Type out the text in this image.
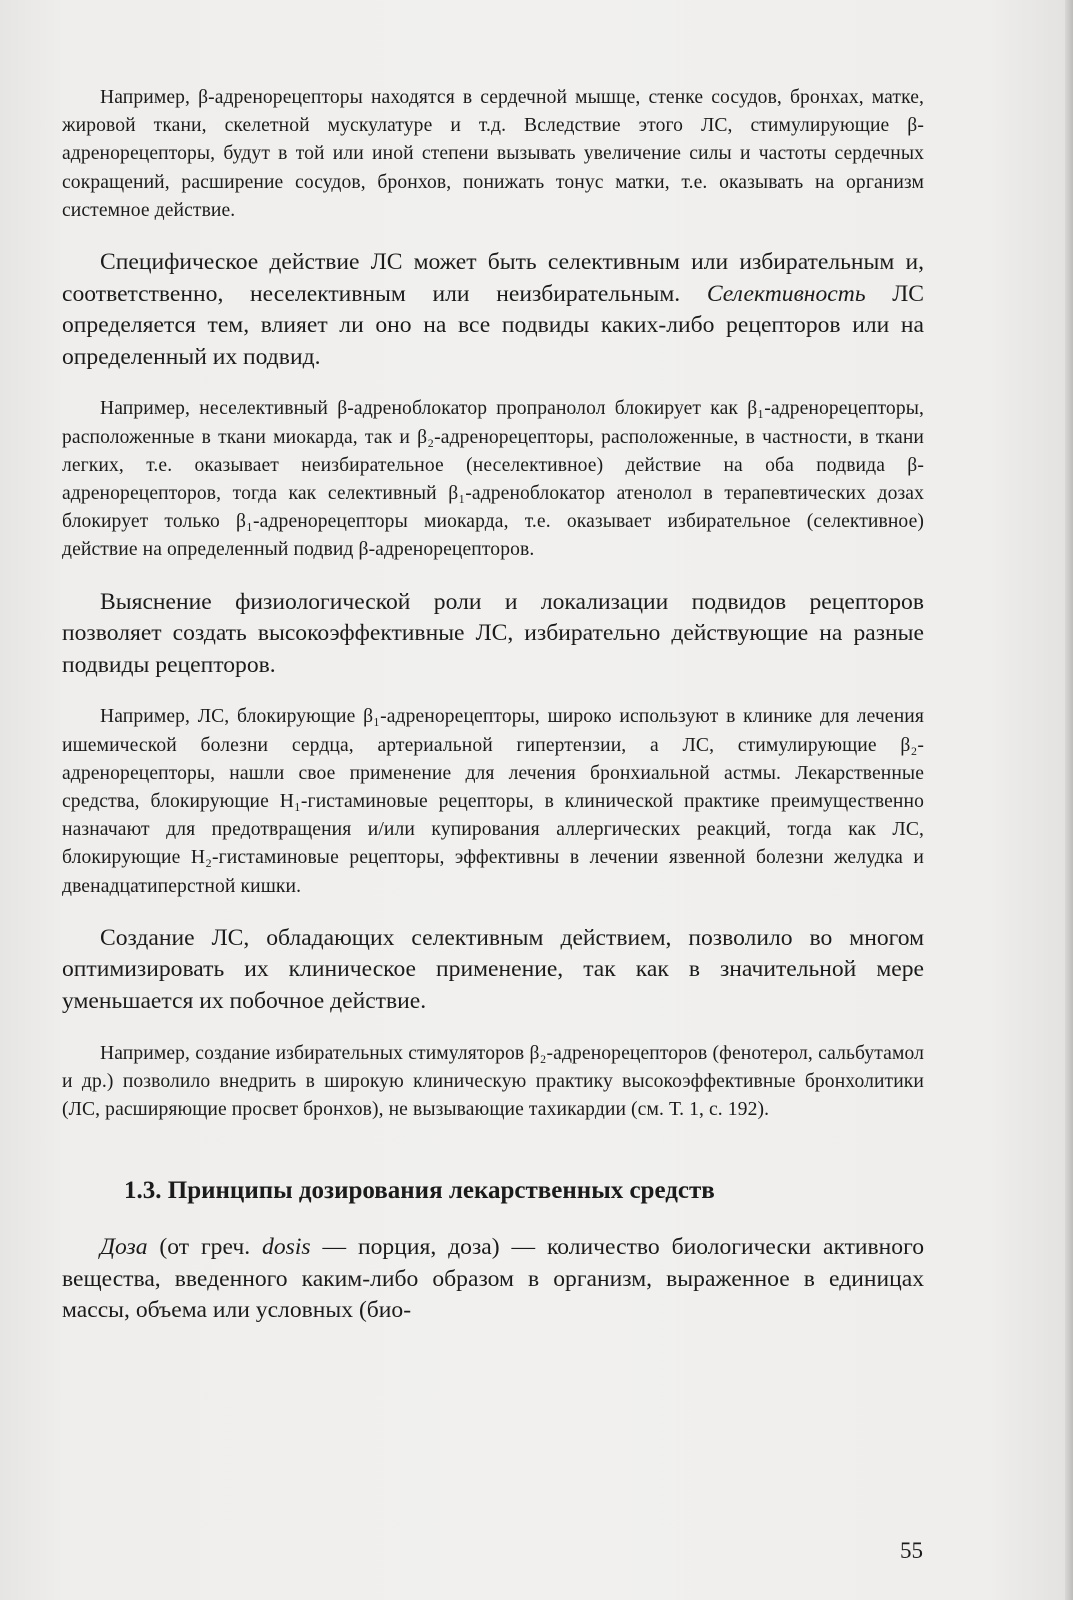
Например, β-адренорецепторы находятся в сердечной мышце, стенке сосудов, бронхах, матке, жировой ткани, скелетной мускулатуре и т.д. Вследствие этого ЛС, стимулирующие β-адренорецепторы, будут в той или иной степени вызывать увеличение силы и частоты сердечных сокращений, расширение сосудов, бронхов, понижать тонус матки, т.е. оказывать на организм системное действие.

Специфическое действие ЛС может быть селективным или избирательным и, соответственно, неселективным или неизбирательным. Селективность ЛС определяется тем, влияет ли оно на все подвиды каких-либо рецепторов или на определенный их подвид.

Например, неселективный β-адреноблокатор пропранолол блокирует как β₁-адренорецепторы, расположенные в ткани миокарда, так и β₂-адренорецепторы, расположенные, в частности, в ткани легких, т.е. оказывает неизбирательное (неселективное) действие на оба подвида β-адренорецепторов, тогда как селективный β₁-адреноблокатор атенолол в терапевтических дозах блокирует только β₁-адренорецепторы миокарда, т.е. оказывает избирательное (селективное) действие на определенный подвид β-адренорецепторов.

Выяснение физиологической роли и локализации подвидов рецепторов позволяет создать высокоэффективные ЛС, избирательно действующие на разные подвиды рецепторов.

Например, ЛС, блокирующие β₁-адренорецепторы, широко используют в клинике для лечения ишемической болезни сердца, артериальной гипертензии, а ЛС, стимулирующие β₂-адренорецепторы, нашли свое применение для лечения бронхиальной астмы. Лекарственные средства, блокирующие H₁-гистаминовые рецепторы, в клинической практике преимущественно назначают для предотвращения и/или купирования аллергических реакций, тогда как ЛС, блокирующие H₂-гистаминовые рецепторы, эффективны в лечении язвенной болезни желудка и двенадцатиперстной кишки.

Создание ЛС, обладающих селективным действием, позволило во многом оптимизировать их клиническое применение, так как в значительной мере уменьшается их побочное действие.

Например, создание избирательных стимуляторов β₂-адренорецепторов (фенотерол, сальбутамол и др.) позволило внедрить в широкую клиническую практику высокоэффективные бронхолитики (ЛС, расширяющие просвет бронхов), не вызывающие тахикардии (см. Т. 1, с. 192).

1.3. Принципы дозирования лекарственных средств

Доза (от греч. dosis — порция, доза) — количество биологически активного вещества, введенного каким-либо образом в организм, выраженное в единицах массы, объема или условных (био-

55
